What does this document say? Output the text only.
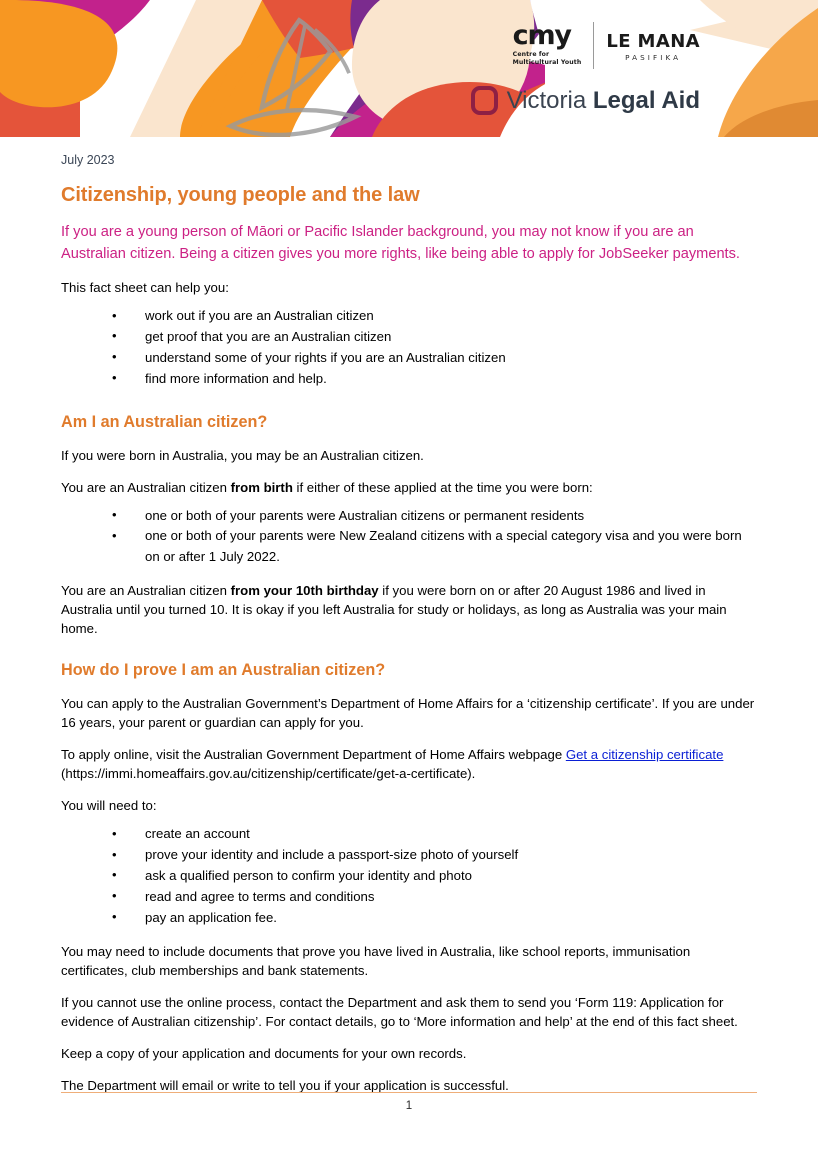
cmy
Centre for
Multicultural Youth
LE MANA
PASIFIKA
Victoria Legal Aid
July 2023
Citizenship, young people and the law

If you are a young person of Māori or Pacific Islander background, you may not know if you are an Australian citizen. Being a citizen gives you more rights, like being able to apply for JobSeeker payments.

This fact sheet can help you:

• work out if you are an Australian citizen
• get proof that you are an Australian citizen
• understand some of your rights if you are an Australian citizen
• find more information and help.
Am I an Australian citizen?

If you were born in Australia, you may be an Australian citizen.

You are an Australian citizen from birth if either of these applied at the time you were born:

• one or both of your parents were Australian citizens or permanent residents
• one or both of your parents were New Zealand citizens with a special category visa and you were born on or after 1 July 2022.

You are an Australian citizen from your 10th birthday if you were born on or after 20 August 1986 and lived in Australia until you turned 10. It is okay if you left Australia for study or holidays, as long as Australia was your main home.

How do I prove I am an Australian citizen?

You can apply to the Australian Government’s Department of Home Affairs for a ‘citizenship certificate’. If you are under 16 years, your parent or guardian can apply for you.

To apply online, visit the Australian Government Department of Home Affairs webpage Get a citizenship certificate (https://immi.homeaffairs.gov.au/citizenship/certificate/get-a-certificate).

You will need to:

• create an account
• prove your identity and include a passport-size photo of yourself
• ask a qualified person to confirm your identity and photo
• read and agree to terms and conditions
• pay an application fee.

You may need to include documents that prove you have lived in Australia, like school reports, immunisation certificates, club memberships and bank statements.

If you cannot use the online process, contact the Department and ask them to send you ‘Form 119: Application for evidence of Australian citizenship’. For contact details, go to ‘More information and help’ at the end of this fact sheet.

Keep a copy of your application and documents for your own records.

The Department will email or write to tell you if your application is successful.

1
